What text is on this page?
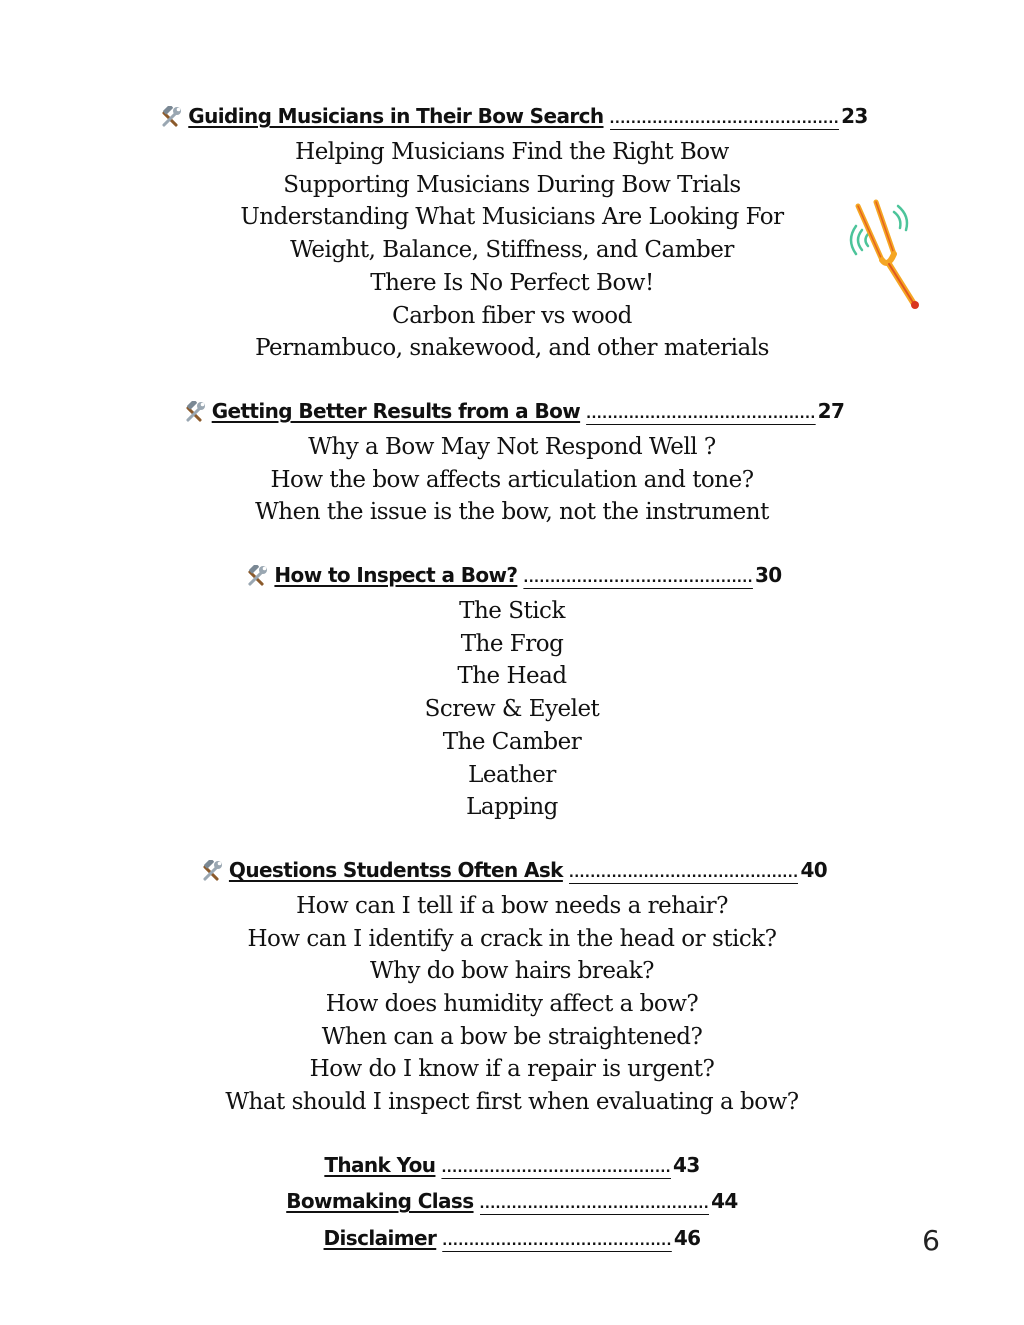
Guiding Musicians in Their Bow Search ........................................... 23
Helping Musicians Find the Right Bow
Supporting Musicians During Bow Trials
Understanding What Musicians Are Looking For
Weight, Balance, Stiffness, and Camber
There Is No Perfect Bow!
Carbon fiber vs wood
Pernambuco, snakewood, and other materials
Getting Better Results from a Bow ........................................... 27
Why a Bow May Not Respond Well ?
How the bow affects articulation and tone?
When the issue is the bow, not the instrument
How to Inspect a Bow? ........................................... 30
The Stick
The Frog
The Head
Screw & Eyelet
The Camber
Leather
Lapping
Questions Studentss Often Ask ........................................... 40
How can I tell if a bow needs a rehair?
How can I identify a crack in the head or stick?
Why do bow hairs break?
How does humidity affect a bow?
When can a bow be straightened?
How do I know if a repair is urgent?
What should I inspect first when evaluating a bow?
Thank You ........................................... 43
Bowmaking Class ........................................... 44
Disclaimer ........................................... 46	6
